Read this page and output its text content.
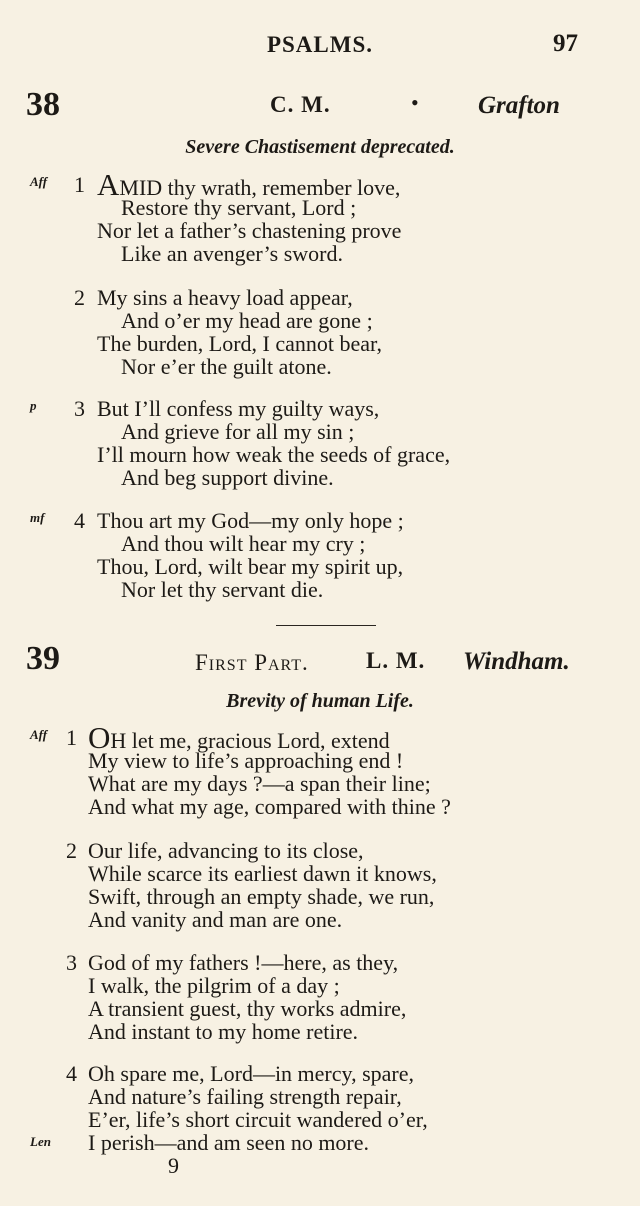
PSALMS.	97
38	C. M.	• Grafton
Severe Chastisement deprecated.
Aff 1 AMID thy wrath, remember love,
Restore thy servant, Lord ;
Nor let a father’s chastening prove
Like an avenger’s sword.
2 My sins a heavy load appear,
And o’er my head are gone ;
The burden, Lord, I cannot bear,
Nor e’er the guilt atone.
p 3 But I’ll confess my guilty ways,
And grieve for all my sin ;
I’ll mourn how weak the seeds of grace,
And beg support divine.
mf 4 Thou art my God—my only hope ;
And thou wilt hear my cry ;
Thou, Lord, wilt bear my spirit up,
Nor let thy servant die.
39	First Part. L. M. Windham.
Brevity of human Life.
Aff 1 OH let me, gracious Lord, extend
My view to life’s approaching end !
What are my days ?—a span their line;
And what my age, compared with thine ?
2 Our life, advancing to its close,
While scarce its earliest dawn it knows,
Swift, through an empty shade, we run,
And vanity and man are one.
3 God of my fathers !—here, as they,
I walk, the pilgrim of a day ;
A transient guest, thy works admire,
And instant to my home retire.
Len
4 Oh spare me, Lord—in mercy, spare,
And nature’s failing strength repair,
E’er, life’s short circuit wandered o’er,
I perish—and am seen no more.
9
